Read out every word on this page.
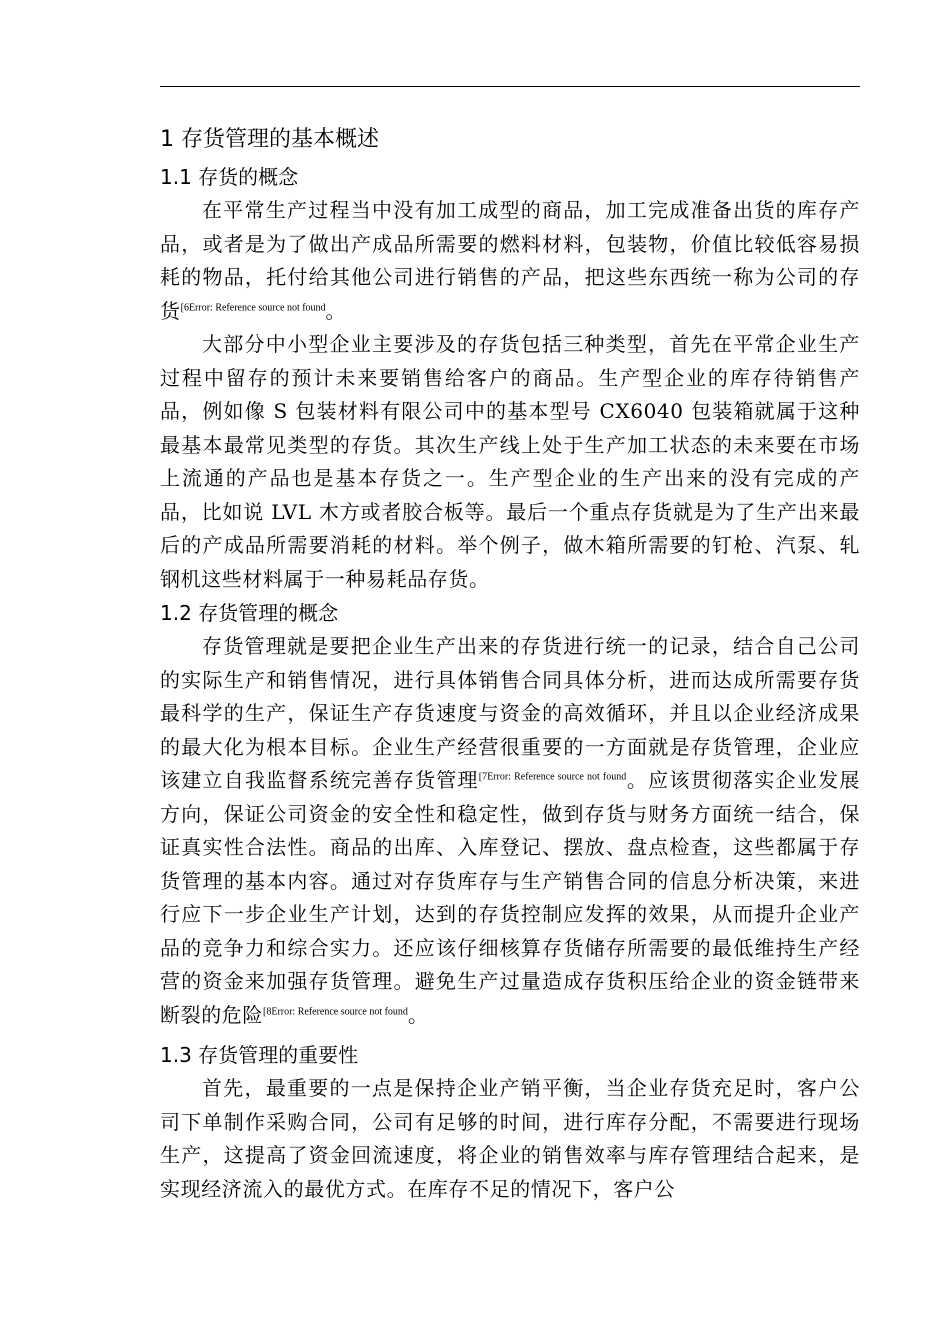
1 存货管理的基本概述
1.1 存货的概念

在平常生产过程当中没有加工成型的商品，加工完成准备出货的库存产品，或者是为了做出产成品所需要的燃料材料，包装物，价值比较低容易损耗的物品，托付给其他公司进行销售的产品，把这些东西统一称为公司的存货$^{[6Error: Reference source not found}$。

大部分中小型企业主要涉及的存货包括三种类型，首先在平常企业生产过程中留存的预计未来要销售给客户的商品。生产型企业的库存待销售产品，例如像 S 包装材料有限公司中的基本型号 CX6040 包装箱就属于这种最基本最常见类型的存货。其次生产线上处于生产加工状态的未来要在市场上流通的产品也是基本存货之一。生产型企业的生产出来的没有完成的产品，比如说 LVL 木方或者胶合板等。最后一个重点存货就是为了生产出来最后的产成品所需要消耗的材料。举个例子，做木箱所需要的钉枪、汽泵、轧钢机这些材料属于一种易耗品存货。

1.2 存货管理的概念

存货管理就是要把企业生产出来的存货进行统一的记录，结合自己公司的实际生产和销售情况，进行具体销售合同具体分析，进而达成所需要存货最科学的生产，保证生产存货速度与资金的高效循环，并且以企业经济成果的最大化为根本目标。企业生产经营很重要的一方面就是存货管理，企业应该建立自我监督系统完善存货管理$^{[7Error: Reference source not found}$。应该贯彻落实企业发展方向，保证公司资金的安全性和稳定性，做到存货与财务方面统一结合，保证真实性合法性。商品的出库、入库登记、摆放、盘点检查，这些都属于存货管理的基本内容。通过对存货库存与生产销售合同的信息分析决策，来进行应下一步企业生产计划，达到的存货控制应发挥的效果，从而提升企业产品的竞争力和综合实力。还应该仔细核算存货储存所需要的最低维持生产经营的资金来加强存货管理。避免生产过量造成存货积压给企业的资金链带来断裂的危险$^{[8Error: Reference source not found}$。

1.3 存货管理的重要性

首先，最重要的一点是保持企业产销平衡，当企业存货充足时，客户公司下单制作采购合同，公司有足够的时间，进行库存分配，不需要进行现场生产，这提高了资金回流速度，将企业的销售效率与库存管理结合起来，是实现经济流入的最优方式。在库存不足的情况下，客户公
